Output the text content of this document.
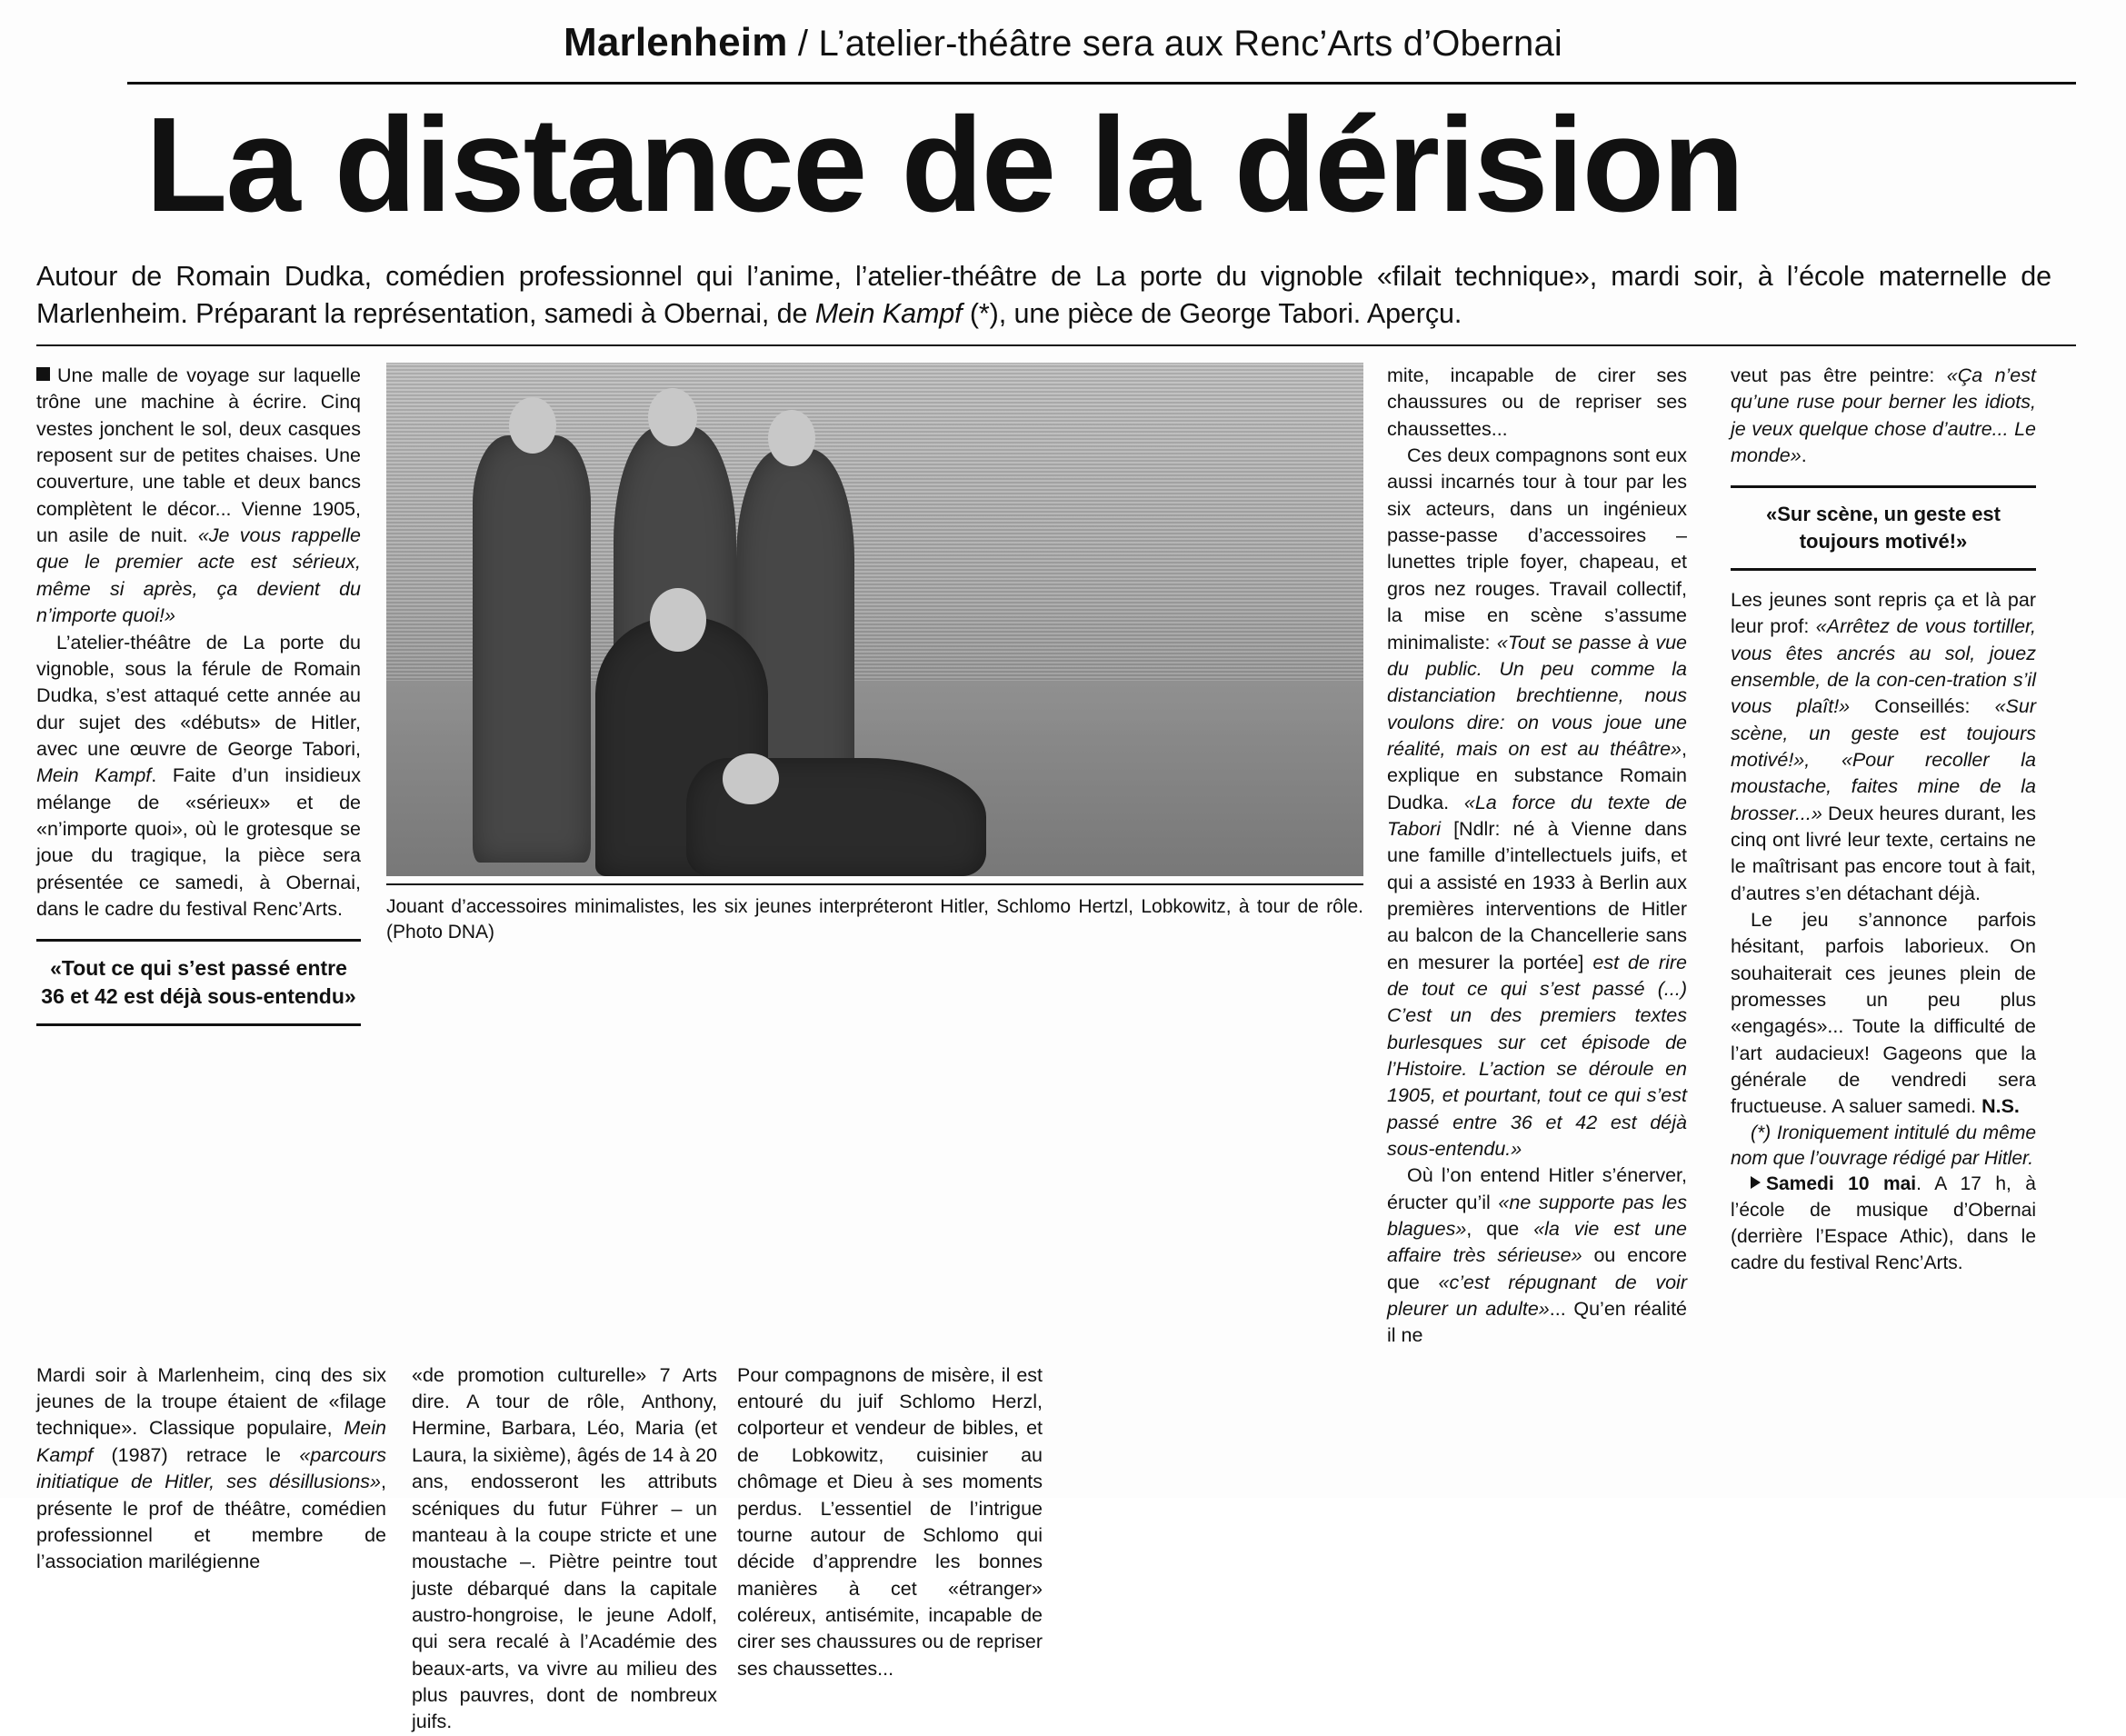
Marlenheim / L’atelier-théâtre sera aux Renc’Arts d’Obernai
La distance de la dérision
Autour de Romain Dudka, comédien professionnel qui l’anime, l’atelier-théâtre de La porte du vignoble «filait technique», mardi soir, à l’école maternelle de Marlenheim. Préparant la représentation, samedi à Obernai, de Mein Kampf (*), une pièce de George Tabori. Aperçu.

Une malle de voyage sur laquelle trône une machine à écrire. Cinq vestes jonchent le sol, deux casques reposent sur de petites chaises. Une couverture, une table et deux bancs complètent le décor... Vienne 1905, un asile de nuit. «Je vous rappelle que le premier acte est sérieux, même si après, ça devient du n’importe quoi!»

L’atelier-théâtre de La porte du vignoble, sous la férule de Romain Dudka, s’est attaqué cette année au dur sujet des «débuts» de Hitler, avec une œuvre de George Tabori, Mein Kampf. Faite d’un insidieux mélange de «sérieux» et de «n’importe quoi», où le grotesque se joue du tragique, la pièce sera présentée ce samedi, à Obernai, dans le cadre du festival Renc’Arts.

«Tout ce qui s’est passé entre 36 et 42 est déjà sous-entendu»
Jouant d’accessoires minimalistes, les six jeunes interpréteront Hitler, Schlomo Hertzl, Lobkowitz, à tour de rôle. (Photo DNA)

mite, incapable de cirer ses chaussures ou de repriser ses chaussettes...

Ces deux compagnons sont eux aussi incarnés tour à tour par les six acteurs, dans un ingénieux passe-passe d’accessoires – lunettes triple foyer, chapeau, et gros nez rouges. Travail collectif, la mise en scène s’assume minimaliste: «Tout se passe à vue du public. Un peu comme la distanciation brechtienne, nous voulons dire: on vous joue une réalité, mais on est au théâtre», explique en substance Romain Dudka. «La force du texte de Tabori [Ndlr: né à Vienne dans une famille d’intellectuels juifs, et qui a assisté en 1933 à Berlin aux premières interventions de Hitler au balcon de la Chancellerie sans en mesurer la portée] est de rire de tout ce qui s’est passé (...) C’est un des premiers textes burlesques sur cet épisode de l’Histoire. L’action se déroule en 1905, et pourtant, tout ce qui s’est passé entre 36 et 42 est déjà sous-entendu.»

Où l’on entend Hitler s’énerver, éructer qu’il «ne supporte pas les blagues», que «la vie est une affaire très sérieuse» ou encore que «c’est répugnant de voir pleurer un adulte»... Qu’en réalité il ne

veut pas être peintre: «Ça n’est qu’une ruse pour berner les idiots, je veux quelque chose d’autre... Le monde».

«Sur scène, un geste est toujours motivé!»

Les jeunes sont repris ça et là par leur prof: «Arrêtez de vous tortiller, vous êtes ancrés au sol, jouez ensemble, de la con-cen-tration s’il vous plaît!» Conseillés: «Sur scène, un geste est toujours motivé!», «Pour recoller la moustache, faites mine de la brosser...» Deux heures durant, les cinq ont livré leur texte, certains ne le maîtrisant pas encore tout à fait, d’autres s’en détachant déjà.

Le jeu s’annonce parfois hésitant, parfois laborieux. On souhaiterait ces jeunes plein de promesses un peu plus «engagés»... Toute la difficulté de l’art audacieux! Gageons que la générale de vendredi sera fructueuse. A saluer samedi. N.S.

(*) Ironiquement intitulé du même nom que l’ouvrage rédigé par Hitler.

Samedi 10 mai. A 17 h, à l’école de musique d’Obernai (derrière l’Espace Athic), dans le cadre du festival Renc’Arts.

Mardi soir à Marlenheim, cinq des six jeunes de la troupe étaient de «filage technique». Classique populaire, Mein Kampf (1987) retrace le «parcours initiatique de Hitler, ses désillusions», présente le prof de théâtre, comédien professionnel et membre de l’association marilégienne

«de promotion culturelle» 7 Arts dire. A tour de rôle, Anthony, Hermine, Barbara, Léo, Maria (et Laura, la sixième), âgés de 14 à 20 ans, endosseront les attributs scéniques du futur Führer – un manteau à la coupe stricte et une moustache –. Piètre peintre tout juste débarqué dans la capitale austro-hongroise, le jeune Adolf, qui sera recalé à l’Académie des beaux-arts, va vivre au milieu des plus pauvres, dont de nombreux juifs.

Pour compagnons de misère, il est entouré du juif Schlomo Herzl, colporteur et vendeur de bibles, et de Lobkowitz, cuisinier au chômage et Dieu à ses moments perdus. L’essentiel de l’intrigue tourne autour de Schlomo qui décide d’apprendre les bonnes manières à cet «étranger» coléreux, antisémite, incapable de cirer ses chaussures ou de repriser ses chaussettes...
